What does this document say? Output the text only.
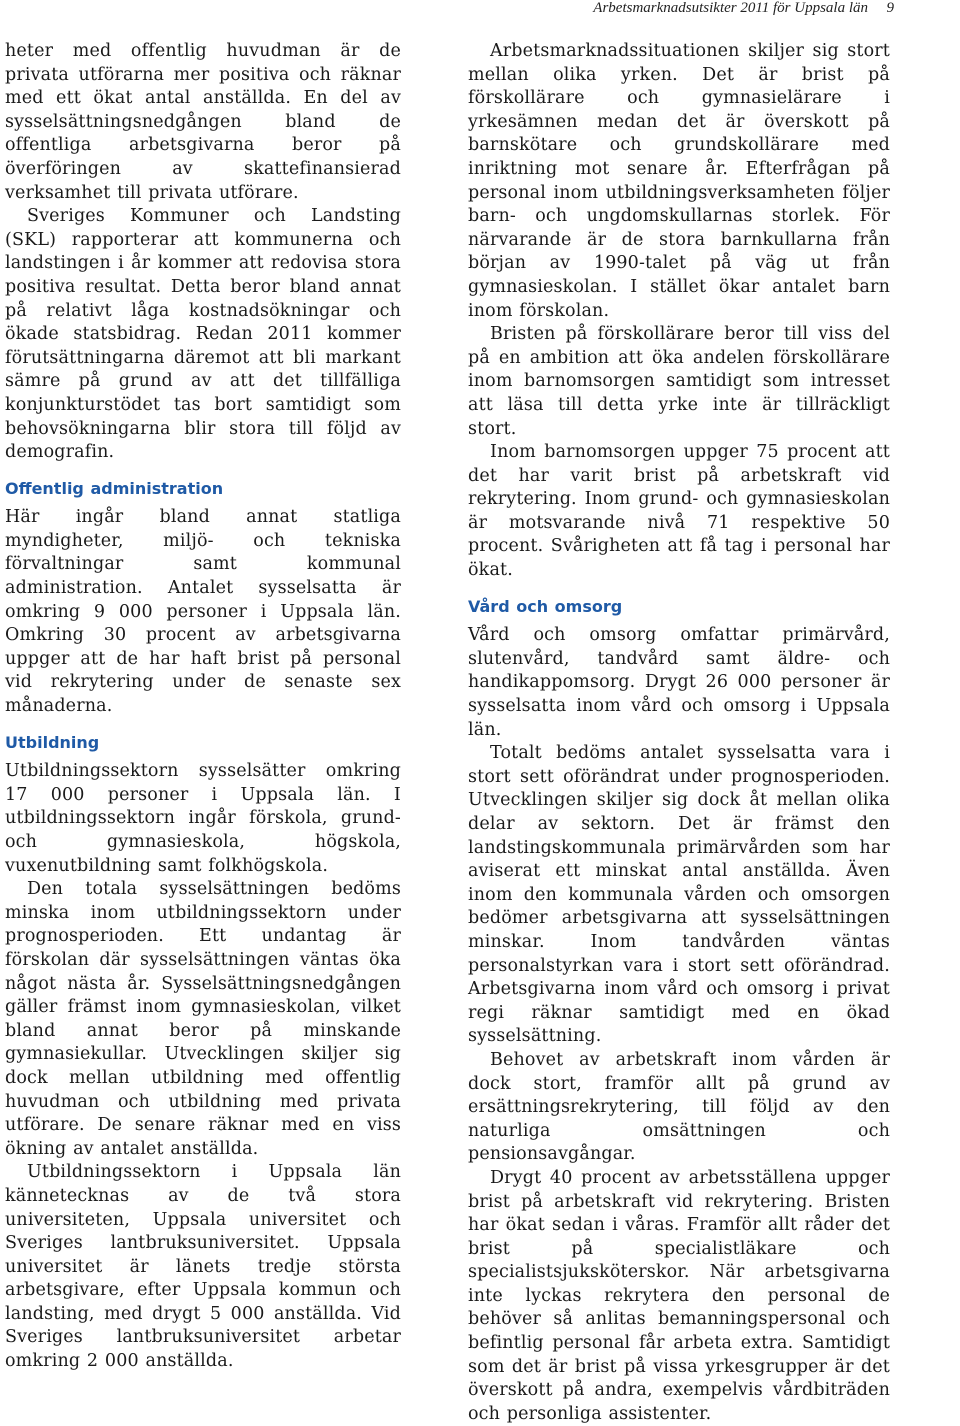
Arbetsmarknadsutsikter 2011 för Uppsala län 9

heter med offentlig huvudman är de privata utförarna mer positiva och räknar med ett ökat antal anställda. En del av sysselsättningsnedgången bland de offentliga arbetsgivarna beror på överföringen av skattefinansierad verksamhet till privata utförare.

Sveriges Kommuner och Landsting (SKL) rapporterar att kommunerna och landstingen i år kommer att redovisa stora positiva resultat. Detta beror bland annat på relativt låga kostnadsökningar och ökade statsbidrag. Redan 2011 kommer förutsättningarna däremot att bli markant sämre på grund av att det tillfälliga konjunkturstödet tas bort samtidigt som behovsökningarna blir stora till följd av demografin.

Offentlig administration

Här ingår bland annat statliga myndigheter, miljö- och tekniska förvaltningar samt kommunal administration. Antalet sysselsatta är omkring 9 000 personer i Uppsala län. Omkring 30 procent av arbetsgivarna uppger att de har haft brist på personal vid rekrytering under de senaste sex månaderna.

Utbildning

Utbildningssektorn sysselsätter omkring 17 000 personer i Uppsala län. I utbildningssektorn ingår förskola, grund- och gymnasieskola, högskola, vuxenutbildning samt folkhögskola.

Den totala sysselsättningen bedöms minska inom utbildningssektorn under prognosperioden. Ett undantag är förskolan där sysselsättningen väntas öka något nästa år. Sysselsättningsnedgången gäller främst inom gymnasieskolan, vilket bland annat beror på minskande gymnasiekullar. Utvecklingen skiljer sig dock mellan utbildning med offentlig huvudman och utbildning med privata utförare. De senare räknar med en viss ökning av antalet anställda.

Utbildningssektorn i Uppsala län kännetecknas av de två stora universiteten, Uppsala universitet och Sveriges lantbruksuniversitet. Uppsala universitet är länets tredje största arbetsgivare, efter Uppsala kommun och landsting, med drygt 5 000 anställda. Vid Sveriges lantbruksuniversitet arbetar omkring 2 000 anställda.

Arbetsmarknadssituationen skiljer sig stort mellan olika yrken. Det är brist på förskollärare och gymnasielärare i yrkesämnen medan det är överskott på barnskötare och grundskollärare med inriktning mot senare år. Efterfrågan på personal inom utbildningsverksamheten följer barn- och ungdomskullarnas storlek. För närvarande är de stora barnkullarna från början av 1990-talet på väg ut från gymnasieskolan. I stället ökar antalet barn inom förskolan.

Bristen på förskollärare beror till viss del på en ambition att öka andelen förskollärare inom barnomsorgen samtidigt som intresset att läsa till detta yrke inte är tillräckligt stort.

Inom barnomsorgen uppger 75 procent att det har varit brist på arbetskraft vid rekrytering. Inom grund- och gymnasieskolan är motsvarande nivå 71 respektive 50 procent. Svårigheten att få tag i personal har ökat.

Vård och omsorg

Vård och omsorg omfattar primärvård, slutenvård, tandvård samt äldre- och handikappomsorg. Drygt 26 000 personer är sysselsatta inom vård och omsorg i Uppsala län.

Totalt bedöms antalet sysselsatta vara i stort sett oförändrat under prognosperioden. Utvecklingen skiljer sig dock åt mellan olika delar av sektorn. Det är främst den landstingskommunala primärvården som har aviserat ett minskat antal anställda. Även inom den kommunala vården och omsorgen bedömer arbetsgivarna att sysselsättningen minskar. Inom tandvården väntas personalstyrkan vara i stort sett oförändrad. Arbetsgivarna inom vård och omsorg i privat regi räknar samtidigt med en ökad sysselsättning.

Behovet av arbetskraft inom vården är dock stort, framför allt på grund av ersättningsrekrytering, till följd av den naturliga omsättningen och pensionsavgångar.

Drygt 40 procent av arbetsställena uppger brist på arbetskraft vid rekrytering. Bristen har ökat sedan i våras. Framför allt råder det brist på specialistläkare och specialistsjuksköterskor. När arbetsgivarna inte lyckas rekrytera den personal de behöver så anlitas bemanningspersonal och befintlig personal får arbeta extra. Samtidigt som det är brist på vissa yrkesgrupper är det överskott på andra, exempelvis vårdbiträden och personliga assistenter.
